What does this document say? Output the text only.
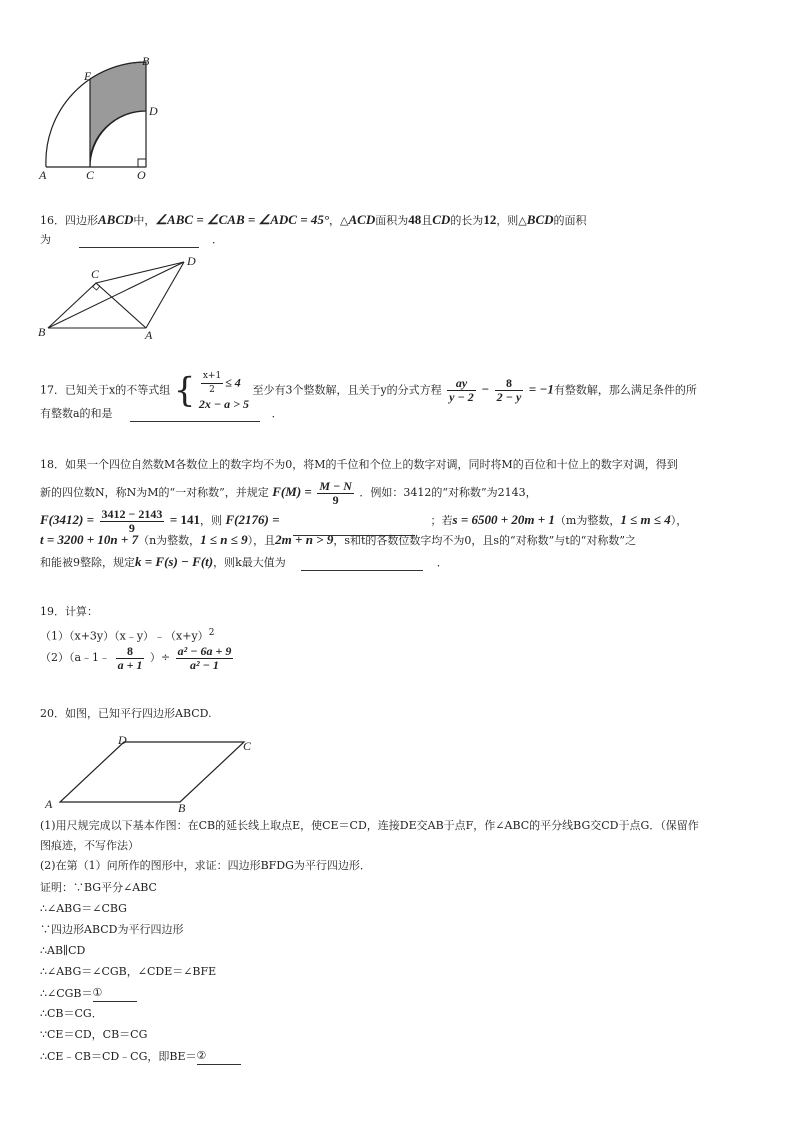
E
B
D
A	C	O
16．四边形ABCD中，∠ABC = ∠CAB = ∠ADC = 45°，△ACD面积为48且CD的长为12，则△BCD的面积
为	．
B
C
D
A
17．已知关于x的不等式组 { $\frac{x+1}{2} \le 4$
2x − a > 5
至少有3个整数解，且关于y的分式方程 $\frac{ay}{y - 2} - \frac{8}{2 - y} = -1$有整数解，那么满足条件的所
有整数a的和是	．
18．如果一个四位自然数M各数位上的数字均不为0，将M的千位和个位上的数字对调，同时将M的百位和十位上的数字对调，得到
新的四位数N，称N为M的“一对称数”，并规定 $F(M) = \frac{M - N}{9}$ ．例如：3412的“对称数”为2143，
$F(3412) = \frac{3412 - 2143}{9} = 141$，则 F(2176) =	；若s = 6500 + 20m + 1（m为整数，1 ≤ m ≤ 4），
t = 3200 + 10n + 7（n为整数，1 ≤ n ≤ 9），且2m + n > 9，s和t的各数位数字均不为0，且s的“对称数”与t的“对称数”之
和能被9整除，规定k = F(s) − F(t)，则k最大值为	．
19．计算：
$(1)(x+3y)(x﹣y)﹣(x+y)^2$
（2）（a﹣1﹣ $\frac{8}{a + 1}$ ）÷ $\frac{\text{a² − 6a + 9}}{\text{a² − 1}}$
20．如图，已知平行四边形ABCD.
A	B
C
D
(1)用尺规完成以下基本作图：在CB的延长线上取点E，使CE＝CD，连接DE交AB于点F，作∠ABC的平分线BG交CD于点G．（保留作
图痕迹，不写作法）
(2)在第（1）问所作的图形中，求证：四边形BFDG为平行四边形．
证明：∵BG平分∠ABC
∴∠ABG＝∠CBG
∵四边形ABCD为平行四边形
∴AB∥CD
∴∠ABG＝∠CGB，∠CDE＝∠BFE
∴∠CGB＝①
∴CB＝CG．
∵CE＝CD，CB＝CG
∴CE﹣CB＝CD﹣CG，即BE＝②
